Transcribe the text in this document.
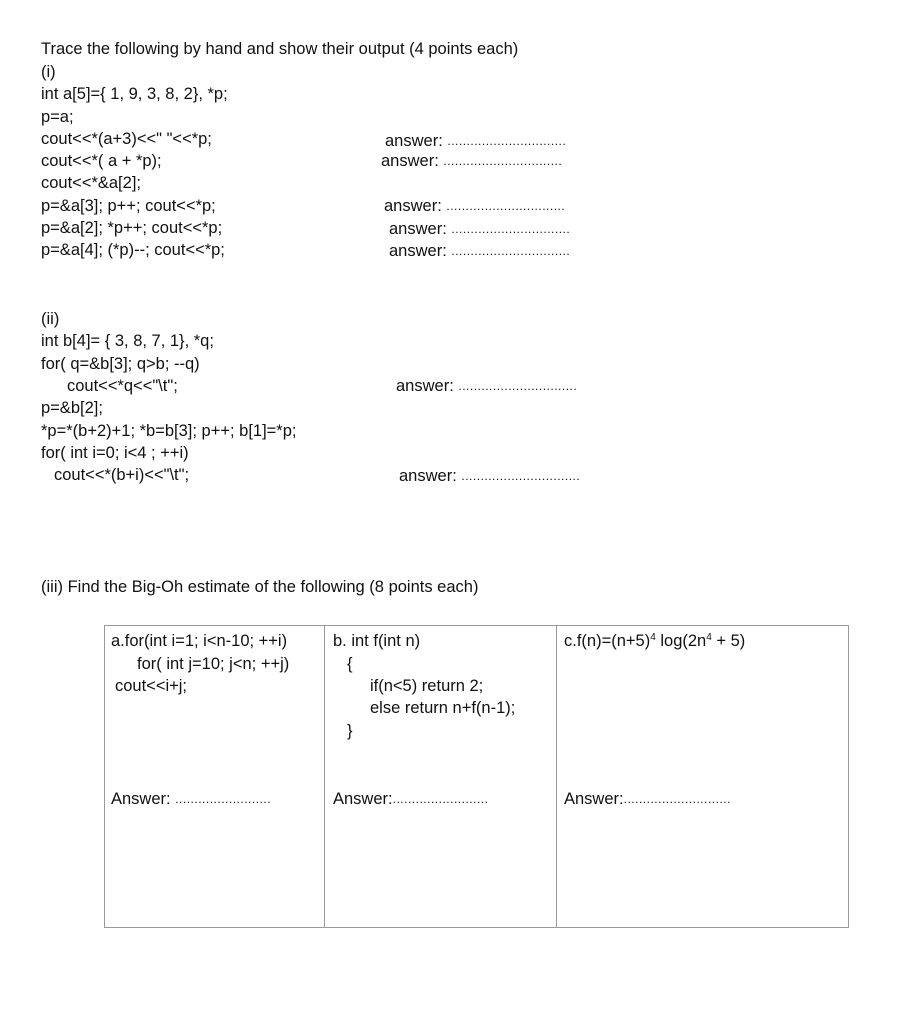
Trace the following by hand and show their output (4 points each)
(i)
int a[5]={ 1, 9, 3, 8, 2}, *p;
p=a;
cout<<*(a+3)<<" "<<*p;
cout<<*( a + *p);
cout<<*&a[2];
p=&a[3]; p++; cout<<*p;
p=&a[2]; *p++; cout<<*p;
p=&a[4]; (*p)--; cout<<*p;
answer: ...............................
answer: ...............................
answer: ...............................
answer: ...............................
answer: ...............................
(ii)
int b[4]= { 3, 8, 7, 1}, *q;
for( q=&b[3]; q>b; --q)
cout<<*q<<"\t";
p=&b[2];
*p=*(b+2)+1; *b=b[3]; p++; b[1]=*p;
for( int i=0; i<4 ; ++i)
cout<<*(b+i)<<"\t";
answer: ...............................
answer: ...............................
(iii) Find the Big-Oh estimate of the following (8 points each)
a.for(int i=1; i<n-10; ++i)
for( int j=10; j<n; ++j)
cout<<i+j;
Answer: .........................

b. int f(int n)
{
if(n<5) return 2;
else return n+f(n-1);
}
Answer:.........................

$c.f(n)=(n+5)^4$ $\log(2n^4 + 5)$
Answer:............................
